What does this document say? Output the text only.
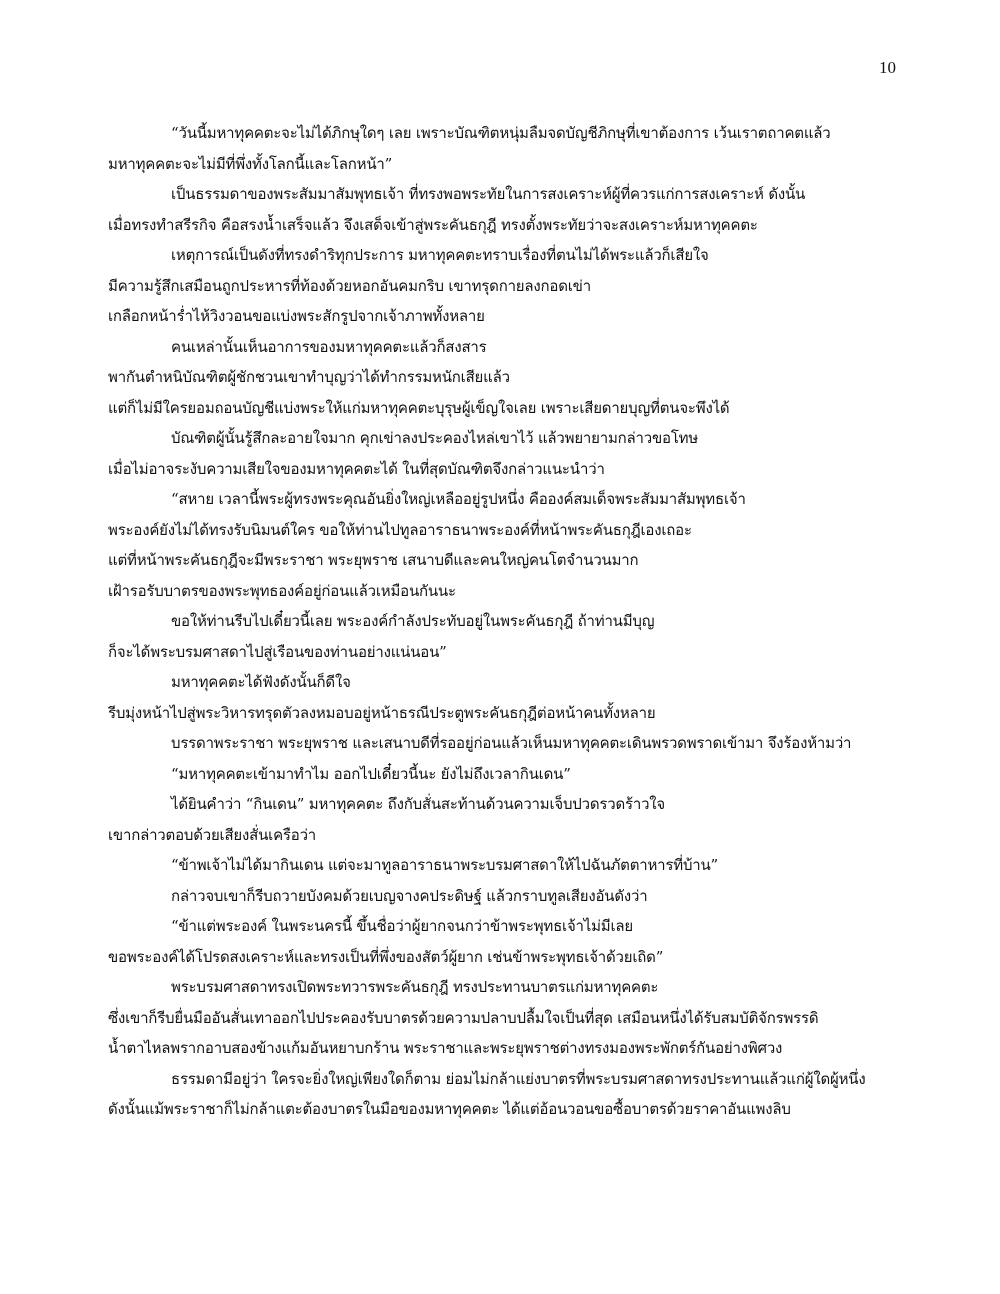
10

“วันนี้มหาทุคคตะจะไม่ได้ภิกษุใดๆ เลย เพราะบัณฑิตหนุ่มลืมจดบัญชีภิกษุที่เขาต้องการ เว้นเราตถาคตแล้ว

มหาทุคคตะจะไม่มีที่พึ่งทั้งโลกนี้และโลกหน้า”

เป็นธรรมดาของพระสัมมาสัมพุทธเจ้า ที่ทรงพอพระทัยในการสงเคราะห์ผู้ที่ควรแก่การสงเคราะห์ ดังนั้น

เมื่อทรงทำสรีรกิจ คือสรงน้ำเสร็จแล้ว จึงเสด็จเข้าสู่พระคันธกุฎี ทรงตั้งพระทัยว่าจะสงเคราะห์มหาทุคคตะ

เหตุการณ์เป็นดังที่ทรงดำริทุกประการ มหาทุคคตะทราบเรื่องที่ตนไม่ได้พระแล้วก็เสียใจ

มีความรู้สึกเสมือนถูกประหารที่ท้องด้วยหอกอันคมกริบ เขาทรุดกายลงกอดเข่า

เกลือกหน้าร่ำไห้วิงวอนขอแบ่งพระสักรูปจากเจ้าภาพทั้งหลาย

คนเหล่านั้นเห็นอาการของมหาทุคคตะแล้วก็สงสาร

พากันตำหนิบัณฑิตผู้ชักชวนเขาทำบุญว่าได้ทำกรรมหนักเสียแล้ว

แต่ก็ไม่มีใครยอมถอนบัญชีแบ่งพระให้แก่มหาทุคคตะบุรุษผู้เข็ญใจเลย เพราะเสียดายบุญที่ตนจะพึงได้

บัณฑิตผู้นั้นรู้สึกละอายใจมาก คุกเข่าลงประคองไหล่เขาไว้ แล้วพยายามกล่าวขอโทษ

เมื่อไม่อาจระงับความเสียใจของมหาทุคคตะได้ ในที่สุดบัณฑิตจึงกล่าวแนะนำว่า

“สหาย เวลานี้พระผู้ทรงพระคุณอันยิ่งใหญ่เหลืออยู่รูปหนึ่ง คือองค์สมเด็จพระสัมมาสัมพุทธเจ้า

พระองค์ยังไม่ได้ทรงรับนิมนต์ใคร ขอให้ท่านไปทูลอาราธนาพระองค์ที่หน้าพระคันธกุฎีเองเถอะ

แต่ที่หน้าพระคันธกุฎีจะมีพระราชา พระยุพราช เสนาบดีและคนใหญ่คนโตจำนวนมาก

เฝ้ารอรับบาตรของพระพุทธองค์อยู่ก่อนแล้วเหมือนกันนะ

ขอให้ท่านรีบไปเดี๋ยวนี้เลย พระองค์กำลังประทับอยู่ในพระคันธกุฎี ถ้าท่านมีบุญ

ก็จะได้พระบรมศาสดาไปสู่เรือนของท่านอย่างแน่นอน”

มหาทุคคตะได้ฟังดังนั้นก็ดีใจ

รีบมุ่งหน้าไปสู่พระวิหารทรุดตัวลงหมอบอยู่หน้าธรณีประตูพระคันธกุฎีต่อหน้าคนทั้งหลาย

บรรดาพระราชา พระยุพราช และเสนาบดีที่รออยู่ก่อนแล้วเห็นมหาทุคคตะเดินพรวดพราดเข้ามา จึงร้องห้ามว่า

“มหาทุคคตะเข้ามาทำไม ออกไปเดี๋ยวนี้นะ ยังไม่ถึงเวลากินเดน”

ได้ยินคำว่า “กินเดน” มหาทุคคตะ ถึงกับสั่นสะท้านด้วนความเจ็บปวดรวดร้าวใจ

เขากล่าวตอบด้วยเสียงสั่นเครือว่า

“ข้าพเจ้าไม่ได้มากินเดน แต่จะมาทูลอาราธนาพระบรมศาสดาให้ไปฉันภัตตาหารที่บ้าน”

กล่าวจบเขาก็รีบถวายบังคมด้วยเบญจางคประดิษฐ์ แล้วกราบทูลเสียงอันดังว่า

“ข้าแต่พระองค์ ในพระนครนี้ ขึ้นชื่อว่าผู้ยากจนกว่าข้าพระพุทธเจ้าไม่มีเลย

ขอพระองค์ได้โปรดสงเคราะห์และทรงเป็นที่พึ่งของสัตว์ผู้ยาก เช่นข้าพระพุทธเจ้าด้วยเถิด”

พระบรมศาสดาทรงเปิดพระทวารพระคันธกุฎี ทรงประทานบาตรแก่มหาทุคคตะ

ซึ่งเขาก็รีบยื่นมืออันสั่นเทาออกไปประคองรับบาตรด้วยความปลาบปลื้มใจเป็นที่สุด เสมือนหนึ่งได้รับสมบัติจักรพรรดิ

น้ำตาไหลพรากอาบสองข้างแก้มอันหยาบกร้าน พระราชาและพระยุพราชต่างทรงมองพระพักตร์กันอย่างพิศวง

ธรรมดามีอยู่ว่า ใครจะยิ่งใหญ่เพียงใดก็ตาม ย่อมไม่กล้าแย่งบาตรที่พระบรมศาสดาทรงประทานแล้วแก่ผู้ใดผู้หนึ่ง

ดังนั้นแม้พระราชาก็ไม่กล้าแตะต้องบาตรในมือของมหาทุคคตะ ได้แต่อ้อนวอนขอซื้อบาตรด้วยราคาอันแพงลิบ
